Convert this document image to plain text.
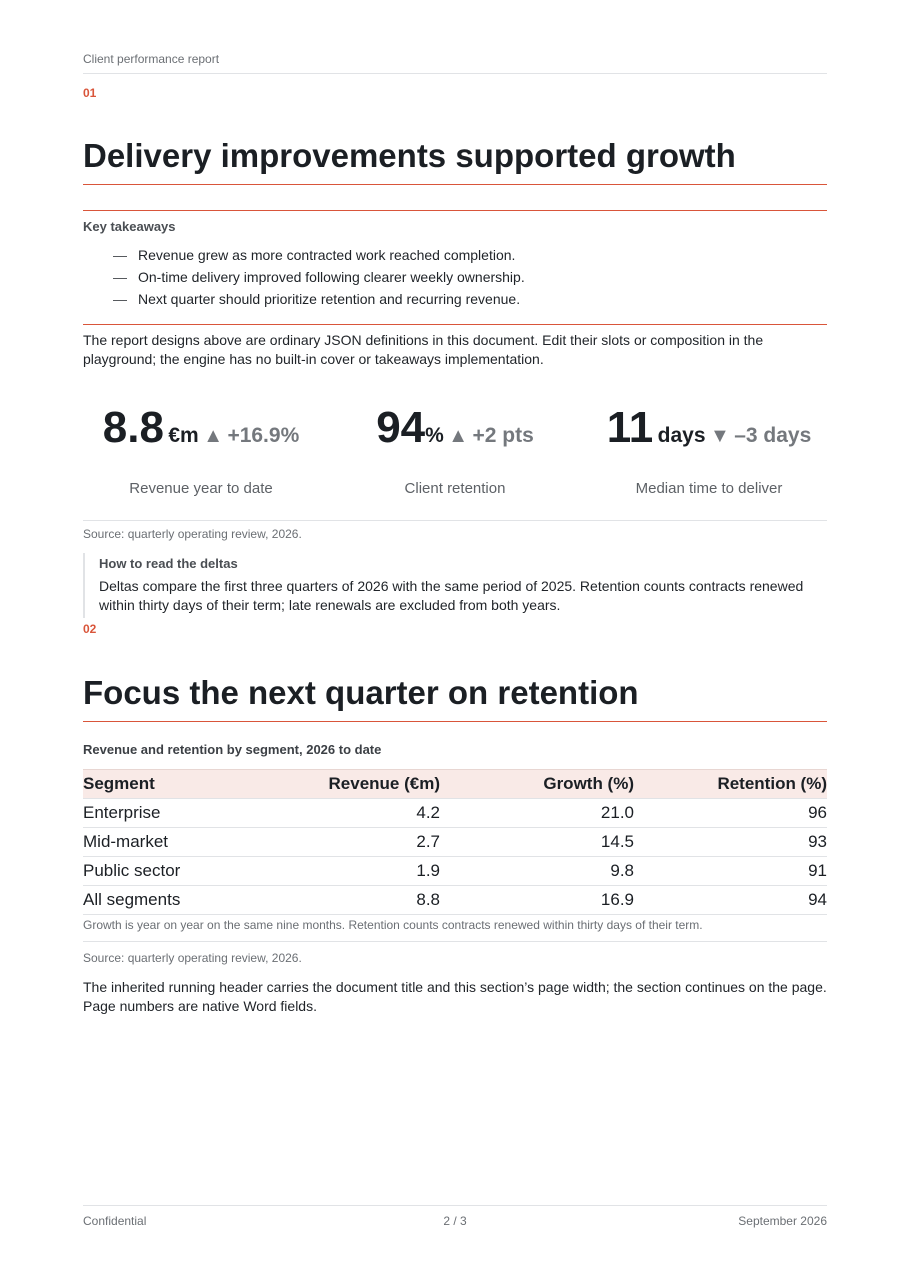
Client performance report
01
Delivery improvements supported growth
Key takeaways
— Revenue grew as more contracted work reached completion.
— On-time delivery improved following clearer weekly ownership.
— Next quarter should prioritize retention and recurring revenue.

The report designs above are ordinary JSON definitions in this document. Edit their slots or composition in the playground; the engine has no built-in cover or takeaways implementation.

8.8 €m ▲ +16.9%
Revenue year to date
94% ▲ +2 pts
Client retention
11 days ▼ –3 days
Median time to deliver
Source: quarterly operating review, 2026.
How to read the deltas
Deltas compare the first three quarters of 2026 with the same period of 2025. Retention counts contracts renewed within thirty days of their term; late renewals are excluded from both years.
02
Focus the next quarter on retention
Revenue and retention by segment, 2026 to date
Segment	Revenue (€m)	Growth (%)	Retention (%)
Enterprise	4.2	21.0	96
Mid-market	2.7	14.5	93
Public sector	1.9	9.8	91
All segments	8.8	16.9	94
Growth is year on year on the same nine months. Retention counts contracts renewed within thirty days of their term.
Source: quarterly operating review, 2026.

The inherited running header carries the document title and this section’s page width; the section continues on the page. Page numbers are native Word fields.

Confidential	2 / 3	September 2026
